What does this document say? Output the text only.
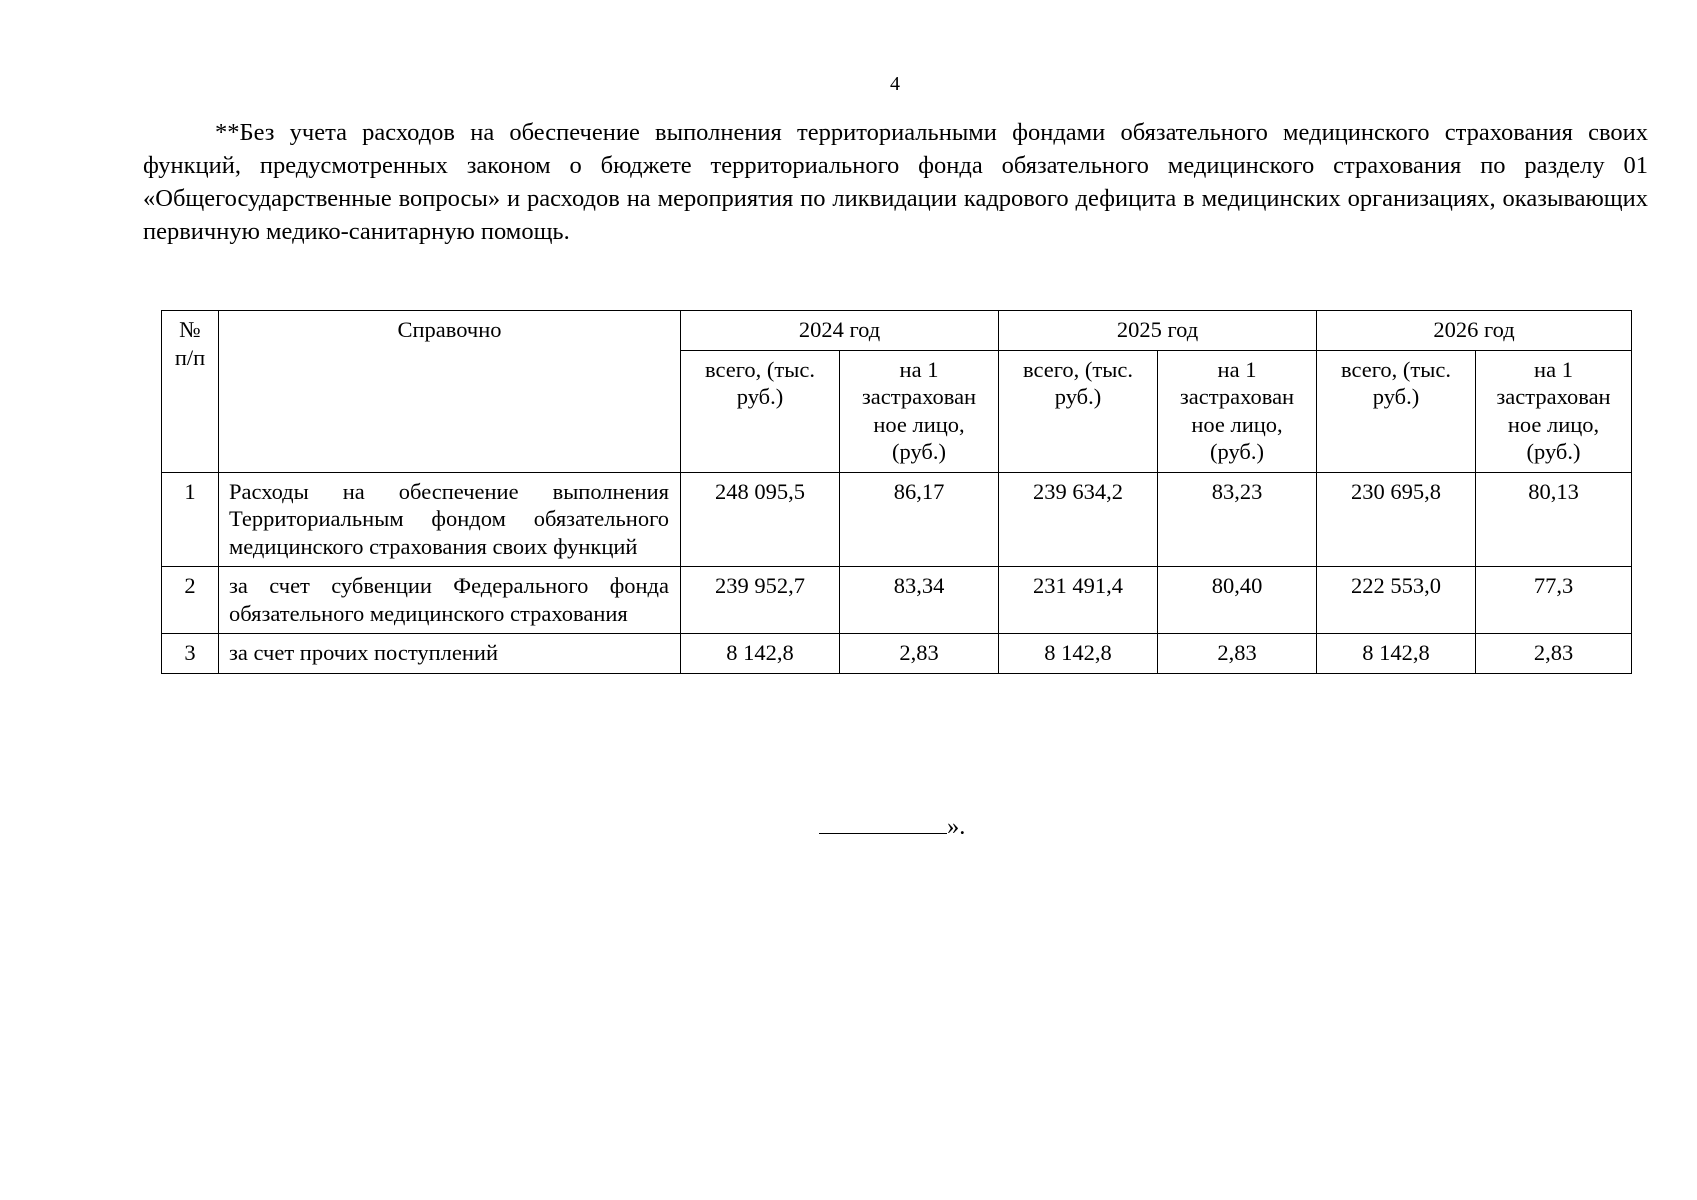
4

**Без учета расходов на обеспечение выполнения территориальными фондами обязательного медицинского страхования своих функций, предусмотренных законом о бюджете территориального фонда обязательного медицинского страхования по разделу 01 «Общегосударственные вопросы» и расходов на мероприятия по ликвидации кадрового дефицита в медицинских организациях, оказывающих первичную медико-санитарную помощь.

№ п/п	Справочно	2024 год		2025 год		2026 год	
		всего, (тыс. руб.)	на 1 застрахован ное лицо, (руб.)	всего, (тыс. руб.)	на 1 застрахован ное лицо, (руб.)	всего, (тыс. руб.)	на 1 застрахован ное лицо, (руб.)
1	Расходы на обеспечение выполнения Территориальным фондом обязательного медицинского страхования своих функций	248 095,5	86,17	239 634,2	83,23	230 695,8	80,13
2	за счет субвенции Федерального фонда обязательного медицинского страхования	239 952,7	83,34	231 491,4	80,40	222 553,0	77,3
3	за счет прочих поступлений	8 142,8	2,83	8 142,8	2,83	8 142,8	2,83
».
